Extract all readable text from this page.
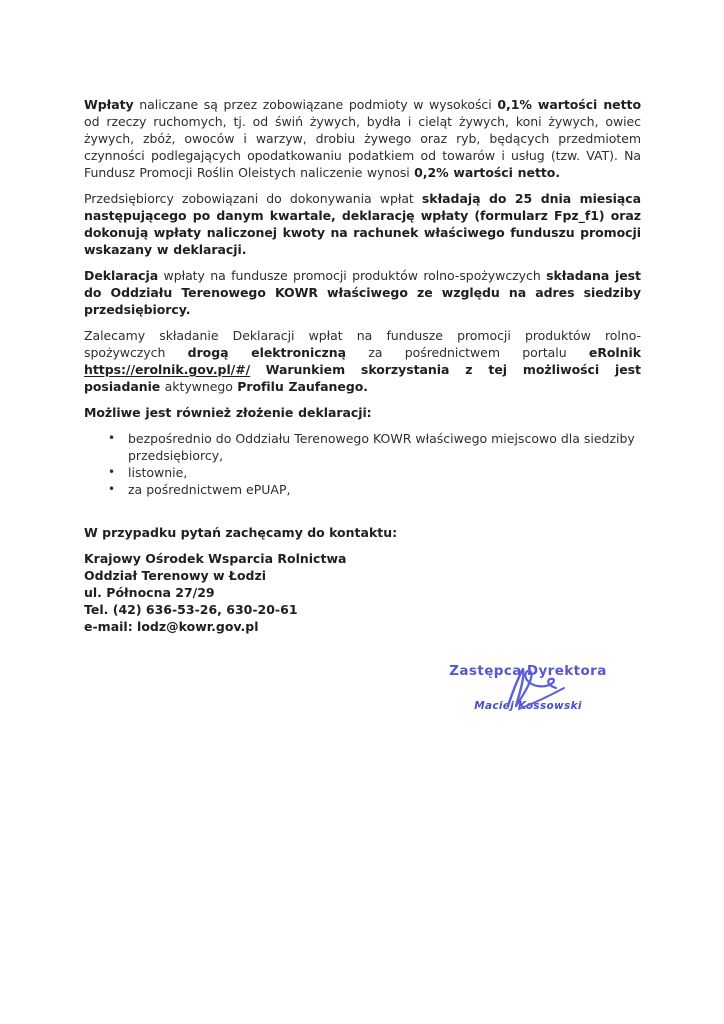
Wpłaty naliczane są przez zobowiązane podmioty w wysokości 0,1% wartości netto od rzeczy ruchomych, tj. od świń żywych, bydła i cieląt żywych, koni żywych, owiec żywych, zbóż, owoców i warzyw, drobiu żywego oraz ryb, będących przedmiotem czynności podlegających opodatkowaniu podatkiem od towarów i usług (tzw. VAT). Na Fundusz Promocji Roślin Oleistych naliczenie wynosi 0,2% wartości netto.

Przedsiębiorcy zobowiązani do dokonywania wpłat składają do 25 dnia miesiąca następującego po danym kwartale, deklarację wpłaty (formularz Fpz_f1) oraz dokonują wpłaty naliczonej kwoty na rachunek właściwego funduszu promocji wskazany w deklaracji.

Deklaracja wpłaty na fundusze promocji produktów rolno-spożywczych składana jest do Oddziału Terenowego KOWR właściwego ze względu na adres siedziby przedsiębiorcy.

Zalecamy składanie Deklaracji wpłat na fundusze promocji produktów rolno-spożywczych drogą elektroniczną za pośrednictwem portalu eRolnik https://erolnik.gov.pl/#/ Warunkiem skorzystania z tej możliwości jest posiadanie aktywnego Profilu Zaufanego.

Możliwe jest również złożenie deklaracji:

•	bezpośrednio do Oddziału Terenowego KOWR właściwego miejscowo dla siedziby przedsiębiorcy,
•	listownie,
•	za pośrednictwem ePUAP,

W przypadku pytań zachęcamy do kontaktu:

Krajowy Ośrodek Wsparcia Rolnictwa
Oddział Terenowy w Łodzi
ul. Północna 27/29
Tel. (42) 636-53-26, 630-20-61
e-mail: lodz@kowr.gov.pl
Zastępca Dyrektora
Maciej Kossowski
